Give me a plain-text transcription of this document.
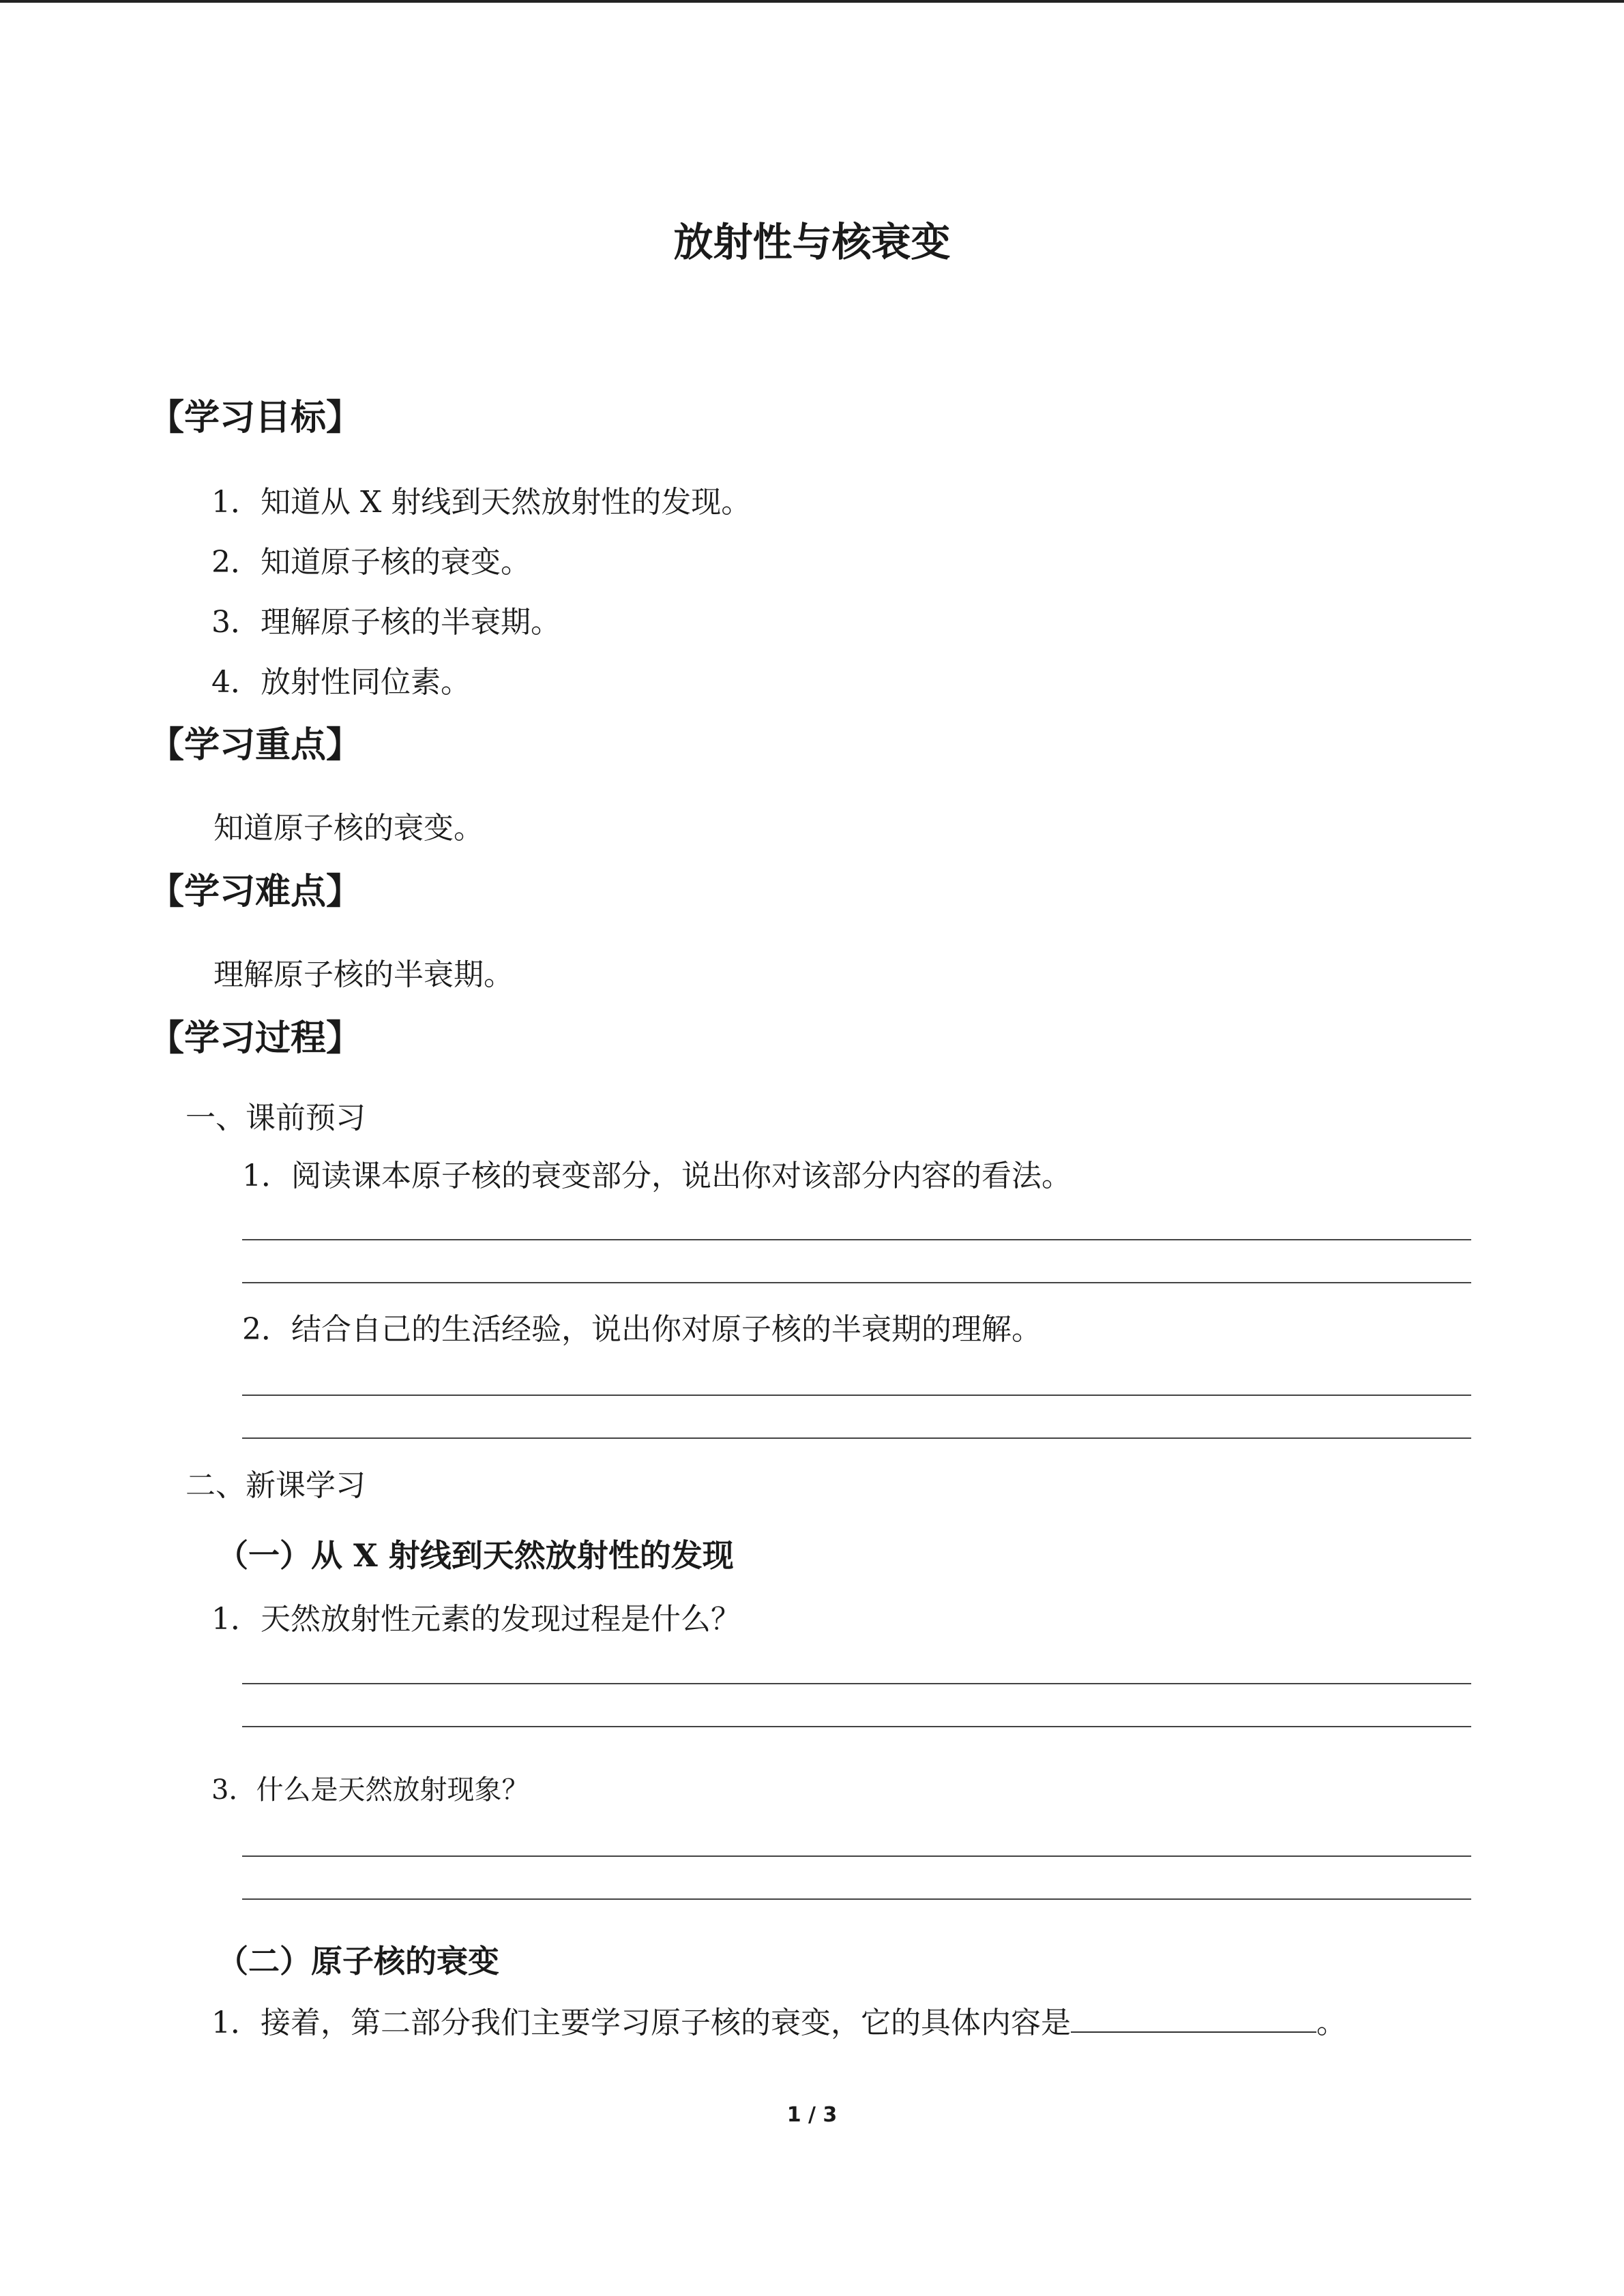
放射性与核衰变
【学习目标】
1．知道从 X 射线到天然放射性的发现。
2．知道原子核的衰变。
3．理解原子核的半衰期。
4．放射性同位素。
【学习重点】
知道原子核的衰变。
【学习难点】
理解原子核的半衰期。
【学习过程】
一、课前预习
1．阅读课本原子核的衰变部分，说出你对该部分内容的看法。
2．结合自己的生活经验，说出你对原子核的半衰期的理解。
二、新课学习
（一）从 X 射线到天然放射性的发现
1．天然放射性元素的发现过程是什么？
3．什么是天然放射现象？
（二）原子核的衰变
1．接着，第二部分我们主要学习原子核的衰变，它的具体内容是	。
1 / 3
